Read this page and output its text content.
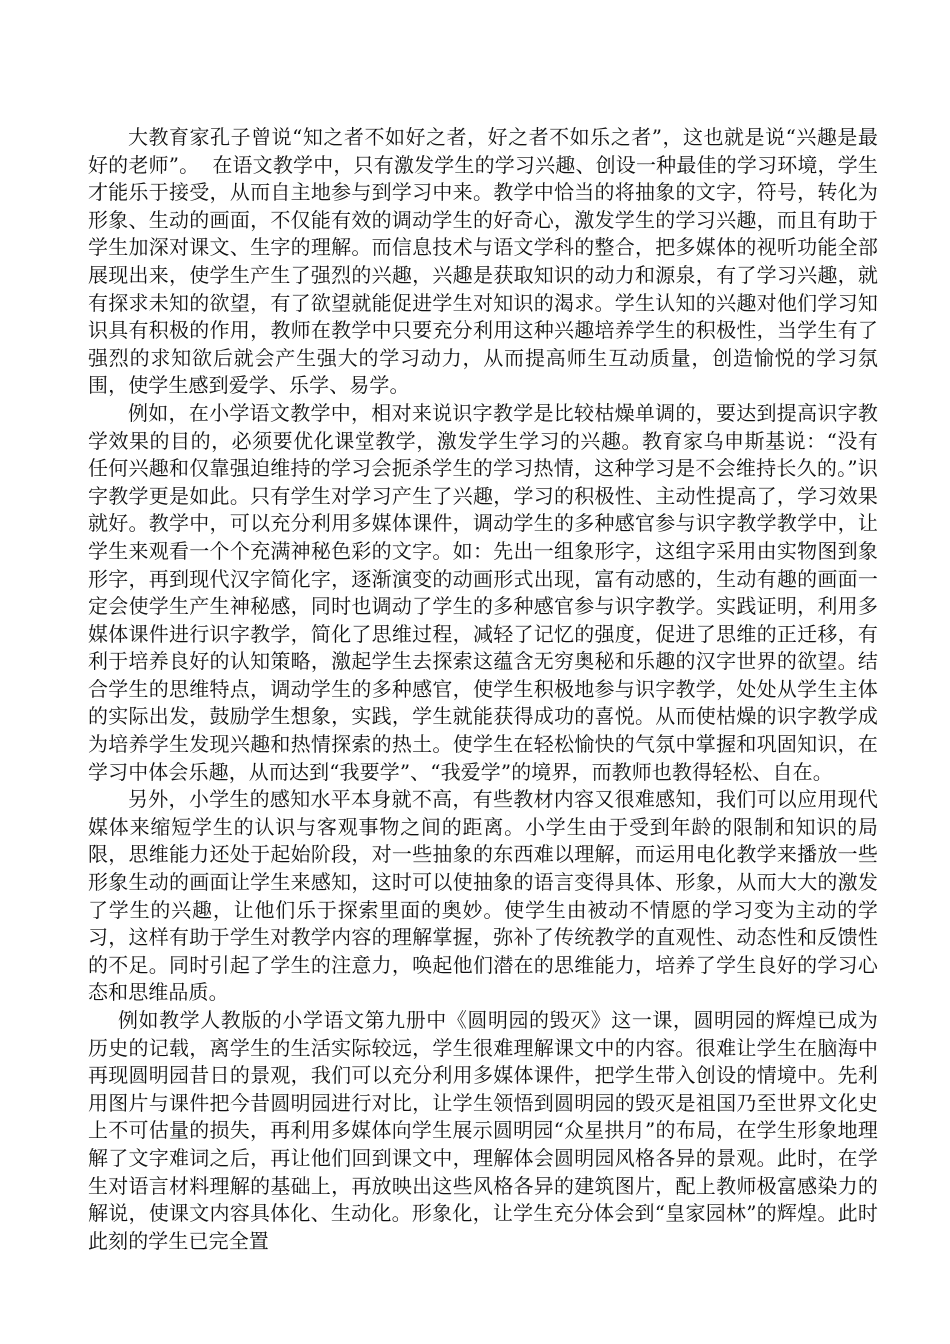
大教育家孔子曾说“知之者不如好之者，好之者不如乐之者”，这也就是说“兴趣是最好的老师”。  在语文教学中，只有激发学生的学习兴趣、创设一种最佳的学习环境，学生才能乐于接受，从而自主地参与到学习中来。教学中恰当的将抽象的文字，符号，转化为形象、生动的画面，不仅能有效的调动学生的好奇心，激发学生的学习兴趣，而且有助于学生加深对课文、生字的理解。而信息技术与语文学科的整合，把多媒体的视听功能全部展现出来，使学生产生了强烈的兴趣，兴趣是获取知识的动力和源泉，有了学习兴趣，就有探求未知的欲望，有了欲望就能促进学生对知识的渴求。学生认知的兴趣对他们学习知识具有积极的作用，教师在教学中只要充分利用这种兴趣培养学生的积极性，当学生有了强烈的求知欲后就会产生强大的学习动力，从而提高师生互动质量，创造愉悦的学习氛围，使学生感到爱学、乐学、易学。

例如，在小学语文教学中，相对来说识字教学是比较枯燥单调的，要达到提高识字教学效果的目的，必须要优化课堂教学，激发学生学习的兴趣。教育家乌申斯基说：“没有任何兴趣和仅靠强迫维持的学习会扼杀学生的学习热情，这种学习是不会维持长久的。”识字教学更是如此。只有学生对学习产生了兴趣，学习的积极性、主动性提高了，学习效果就好。教学中，可以充分利用多媒体课件，调动学生的多种感官参与识字教学教学中，让学生来观看一个个充满神秘色彩的文字。如：先出一组象形字，这组字采用由实物图到象形字，再到现代汉字简化字，逐渐演变的动画形式出现，富有动感的，生动有趣的画面一定会使学生产生神秘感，同时也调动了学生的多种感官参与识字教学。实践证明，利用多媒体课件进行识字教学，简化了思维过程，减轻了记忆的强度，促进了思维的正迁移，有利于培养良好的认知策略，激起学生去探索这蕴含无穷奥秘和乐趣的汉字世界的欲望。结合学生的思维特点，调动学生的多种感官，使学生积极地参与识字教学，处处从学生主体的实际出发，鼓励学生想象，实践，学生就能获得成功的喜悦。从而使枯燥的识字教学成为培养学生发现兴趣和热情探索的热土。使学生在轻松愉快的气氛中掌握和巩固知识，在学习中体会乐趣，从而达到“我要学”、“我爱学”的境界，而教师也教得轻松、自在。

另外，小学生的感知水平本身就不高，有些教材内容又很难感知，我们可以应用现代媒体来缩短学生的认识与客观事物之间的距离。小学生由于受到年龄的限制和知识的局限，思维能力还处于起始阶段，对一些抽象的东西难以理解，而运用电化教学来播放一些形象生动的画面让学生来感知，这时可以使抽象的语言变得具体、形象，从而大大的激发了学生的兴趣，让他们乐于探索里面的奥妙。使学生由被动不情愿的学习变为主动的学习，这样有助于学生对教学内容的理解掌握，弥补了传统教学的直观性、动态性和反馈性的不足。同时引起了学生的注意力，唤起他们潜在的思维能力，培养了学生良好的学习心态和思维品质。

例如教学人教版的小学语文第九册中《圆明园的毁灭》这一课，圆明园的辉煌已成为历史的记载，离学生的生活实际较远，学生很难理解课文中的内容。很难让学生在脑海中再现圆明园昔日的景观，我们可以充分利用多媒体课件，把学生带入创设的情境中。先利用图片与课件把今昔圆明园进行对比，让学生领悟到圆明园的毁灭是祖国乃至世界文化史上不可估量的损失，再利用多媒体向学生展示圆明园“众星拱月”的布局，在学生形象地理解了文字难词之后，再让他们回到课文中，理解体会圆明园风格各异的景观。此时，在学生对语言材料理解的基础上，再放映出这些风格各异的建筑图片，配上教师极富感染力的解说，使课文内容具体化、生动化。形象化，让学生充分体会到“皇家园林”的辉煌。此时此刻的学生已完全置
